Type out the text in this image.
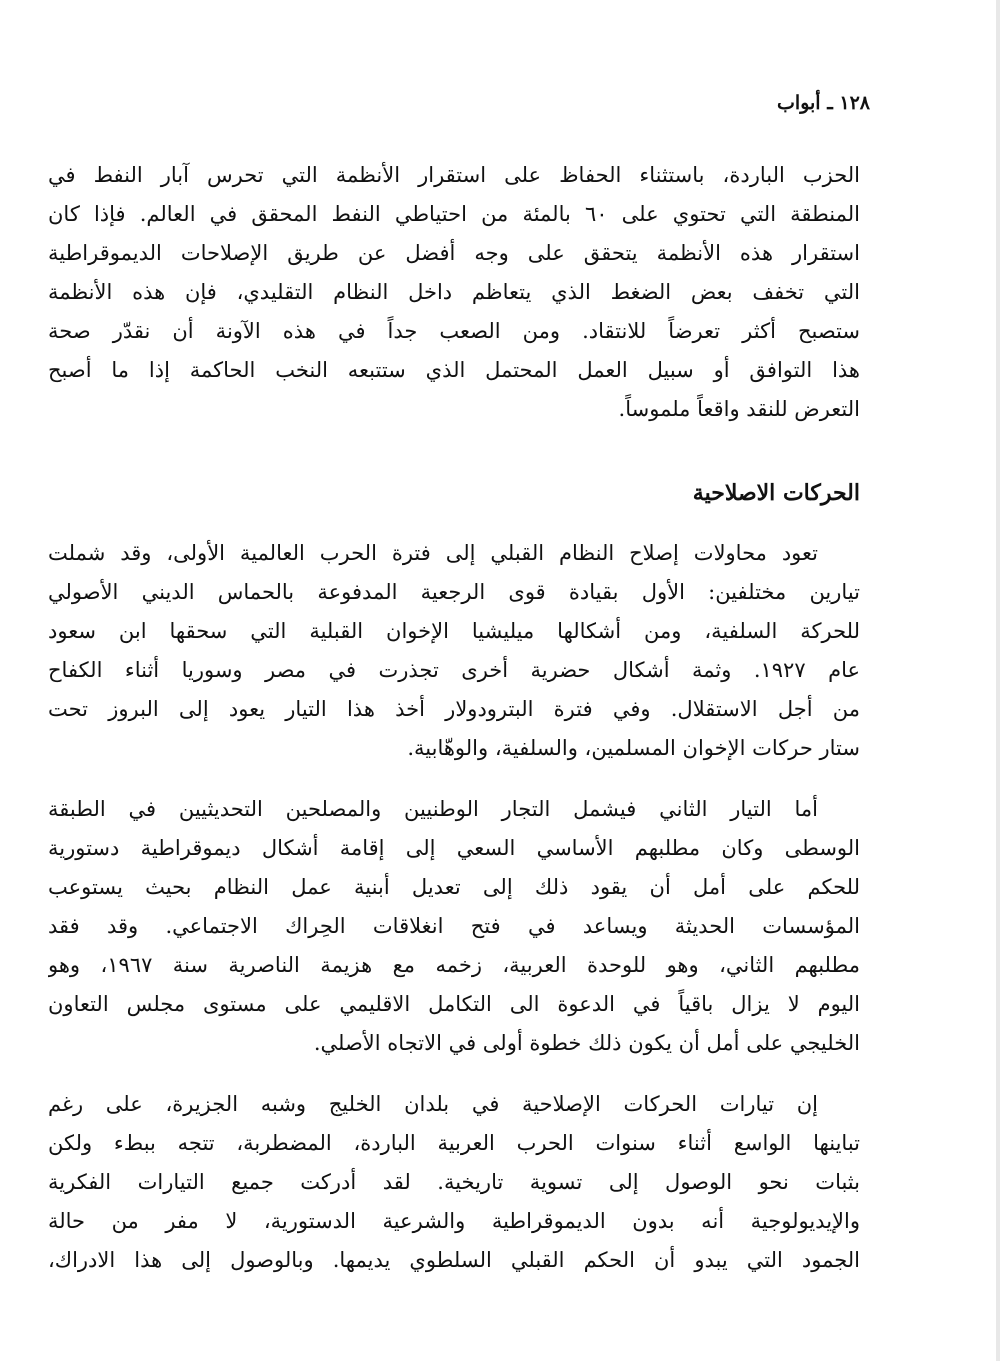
١٢٨ ـ أبواب
الحزب الباردة، باستثناء الحفاظ على استقرار الأنظمة التي تحرس آبار النفط في
المنطقة التي تحتوي على ٦٠ بالمئة من احتياطي النفط المحقق في العالم. فإذا كان
استقرار هذه الأنظمة يتحقق على وجه أفضل عن طريق الإصلاحات الديموقراطية
التي تخفف بعض الضغط الذي يتعاظم داخل النظام التقليدي، فإن هذه الأنظمة
ستصبح أكثر تعرضاً للانتقاد. ومن الصعب جداً في هذه الآونة أن نقدّر صحة
هذا التوافق أو سبيل العمل المحتمل الذي ستتبعه النخب الحاكمة إذا ما أصبح
التعرض للنقد واقعاً ملموساً.
الحركات الاصلاحية
تعود محاولات إصلاح النظام القبلي إلى فترة الحرب العالمية الأولى، وقد شملت
تيارين مختلفين: الأول بقيادة قوى الرجعية المدفوعة بالحماس الديني الأصولي
للحركة السلفية، ومن أشكالها ميليشيا الإخوان القبلية التي سحقها ابن سعود
عام ١٩٢٧. وثمة أشكال حضرية أخرى تجذرت في مصر وسوريا أثناء الكفاح
من أجل الاستقلال. وفي فترة البترودولار أخذ هذا التيار يعود إلى البروز تحت
ستار حركات الإخوان المسلمين، والسلفية، والوهّابية.
أما التيار الثاني فيشمل التجار الوطنيين والمصلحين التحديثيين في الطبقة
الوسطى وكان مطلبهم الأساسي السعي إلى إقامة أشكال ديموقراطية دستورية
للحكم على أمل أن يقود ذلك إلى تعديل أبنية عمل النظام بحيث يستوعب
المؤسسات الحديثة ويساعد في فتح انغلاقات الحِراك الاجتماعي. وقد فقد
مطلبهم الثاني، وهو للوحدة العربية، زخمه مع هزيمة الناصرية سنة ١٩٦٧، وهو
اليوم لا يزال باقياً في الدعوة الى التكامل الاقليمي على مستوى مجلس التعاون
الخليجي على أمل أن يكون ذلك خطوة أولى في الاتجاه الأصلي.
إن تيارات الحركات الإصلاحية في بلدان الخليج وشبه الجزيرة، على رغم
تباينها الواسع أثناء سنوات الحرب العربية الباردة، المضطربة، تتجه ببطء ولكن
بثبات نحو الوصول إلى تسوية تاريخية. لقد أدركت جميع التيارات الفكرية
والإيديولوجية أنه بدون الديموقراطية والشرعية الدستورية، لا مفر من حالة
الجمود التي يبدو أن الحكم القبلي السلطوي يديمها. وبالوصول إلى هذا الادراك،
